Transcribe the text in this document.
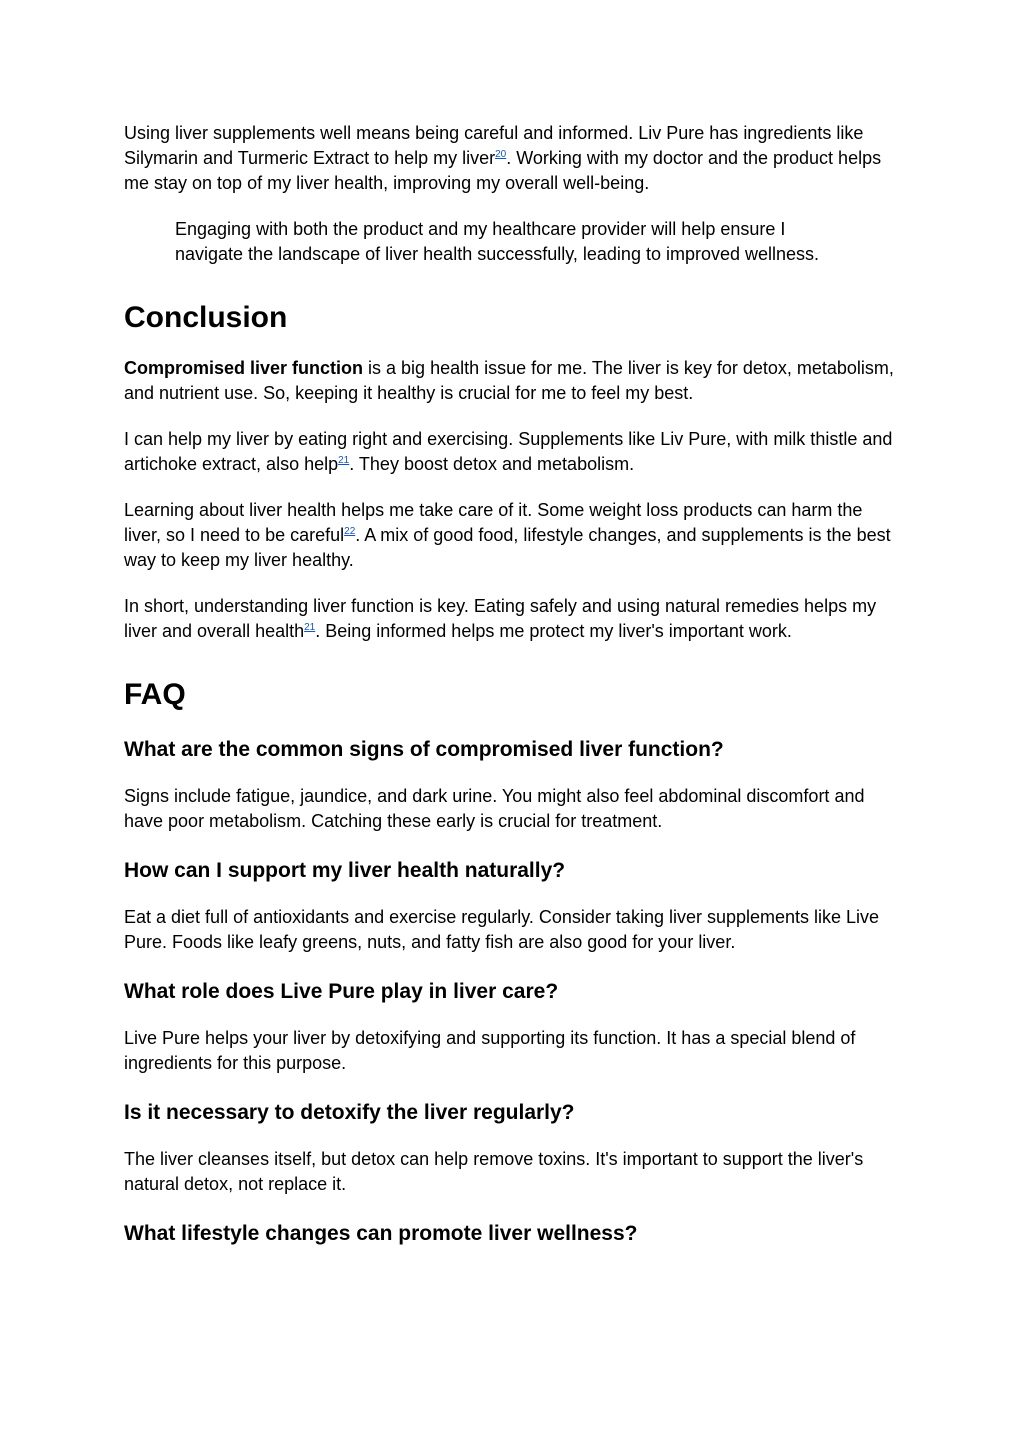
Using liver supplements well means being careful and informed. Liv Pure has ingredients like Silymarin and Turmeric Extract to help my liver$^{20}$. Working with my doctor and the product helps me stay on top of my liver health, improving my overall well-being.

Engaging with both the product and my healthcare provider will help ensure I navigate the landscape of liver health successfully, leading to improved wellness.

Conclusion

Compromised liver function is a big health issue for me. The liver is key for detox, metabolism, and nutrient use. So, keeping it healthy is crucial for me to feel my best.

I can help my liver by eating right and exercising. Supplements like Liv Pure, with milk thistle and artichoke extract, also help$^{21}$. They boost detox and metabolism.

Learning about liver health helps me take care of it. Some weight loss products can harm the liver, so I need to be careful$^{22}$. A mix of good food, lifestyle changes, and supplements is the best way to keep my liver healthy.

In short, understanding liver function is key. Eating safely and using natural remedies helps my liver and overall health$^{21}$. Being informed helps me protect my liver's important work.

FAQ
What are the common signs of compromised liver function?

Signs include fatigue, jaundice, and dark urine. You might also feel abdominal discomfort and have poor metabolism. Catching these early is crucial for treatment.

How can I support my liver health naturally?

Eat a diet full of antioxidants and exercise regularly. Consider taking liver supplements like Live Pure. Foods like leafy greens, nuts, and fatty fish are also good for your liver.

What role does Live Pure play in liver care?

Live Pure helps your liver by detoxifying and supporting its function. It has a special blend of ingredients for this purpose.

Is it necessary to detoxify the liver regularly?

The liver cleanses itself, but detox can help remove toxins. It's important to support the liver's natural detox, not replace it.

What lifestyle changes can promote liver wellness?
